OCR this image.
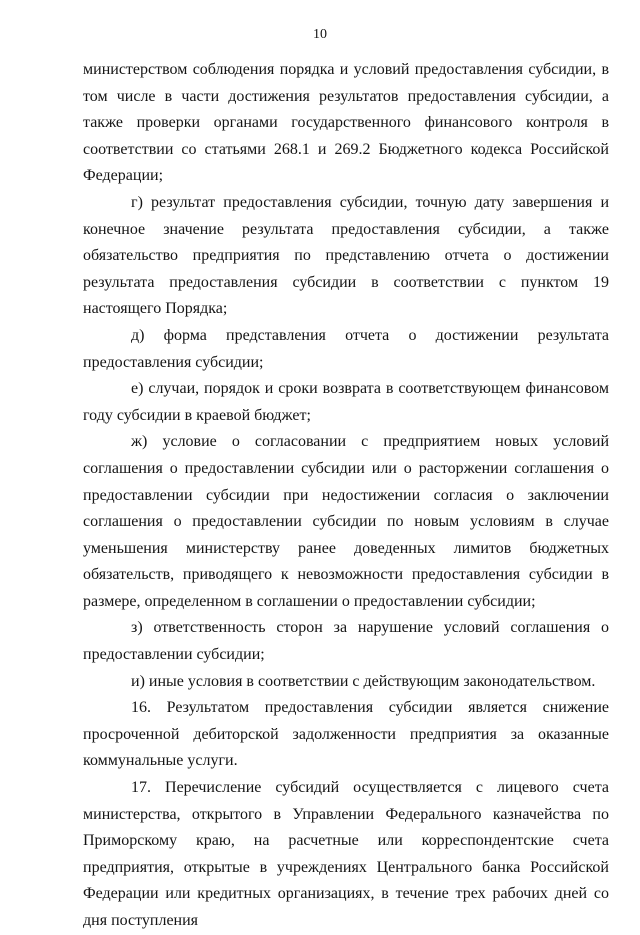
10

министерством соблюдения порядка и условий предоставления субсидии, в том числе в части достижения результатов предоставления субсидии, а также проверки органами государственного финансового контроля в соответствии со статьями 268.1 и 269.2 Бюджетного кодекса Российской Федерации;

г) результат предоставления субсидии, точную дату завершения и конечное значение результата предоставления субсидии, а также обязательство предприятия по представлению отчета о достижении результата предоставления субсидии в соответствии с пунктом 19 настоящего Порядка;

д) форма представления отчета о достижении результата предоставления субсидии;

е) случаи, порядок и сроки возврата в соответствующем финансовом году субсидии в краевой бюджет;

ж) условие о согласовании с предприятием новых условий соглашения о предоставлении субсидии или о расторжении соглашения о предоставлении субсидии при недостижении согласия о заключении соглашения о предоставлении субсидии по новым условиям в случае уменьшения министерству ранее доведенных лимитов бюджетных обязательств, приводящего к невозможности предоставления субсидии в размере, определенном в соглашении о предоставлении субсидии;

з) ответственность сторон за нарушение условий соглашения о предоставлении субсидии;

и) иные условия в соответствии с действующим законодательством.

16. Результатом предоставления субсидии является снижение просроченной дебиторской задолженности предприятия за оказанные коммунальные услуги.

17. Перечисление субсидий осуществляется с лицевого счета министерства, открытого в Управлении Федерального казначейства по Приморскому краю, на расчетные или корреспондентские счета предприятия, открытые в учреждениях Центрального банка Российской Федерации или кредитных организациях, в течение трех рабочих дней со дня поступления
